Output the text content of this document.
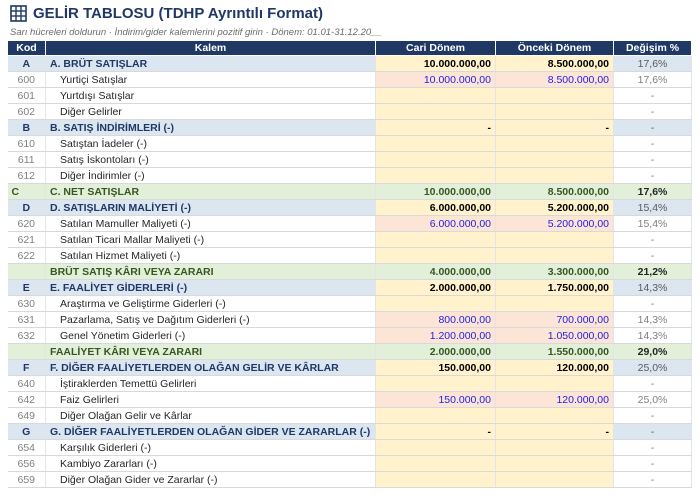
GELİR TABLOSU (TDHP Ayrıntılı Format)
Sarı hücreleri doldurun · İndirim/gider kalemlerini pozitif girin · Dönem: 01.01-31.12.20__
Kod	Kalem	Cari Dönem	Önceki Dönem	Değişim %
A	A. BRÜT SATIŞLAR	10.000.000,00	8.500.000,00	17,6%
600	Yurtiçi Satışlar	10.000.000,00	8.500.000,00	17,6%
601	Yurtdışı Satışlar			-
602	Diğer Gelirler			-
B	B. SATIŞ İNDİRİMLERİ (-)	-	-	-
610	Satıştan İadeler (-)			-
611	Satış İskontoları (-)			-
612	Diğer İndirimler (-)			-
C	C. NET SATIŞLAR	10.000.000,00	8.500.000,00	17,6%
D	D. SATIŞLARIN MALİYETİ (-)	6.000.000,00	5.200.000,00	15,4%
620	Satılan Mamuller Maliyeti (-)	6.000.000,00	5.200.000,00	15,4%
621	Satılan Ticari Mallar Maliyeti (-)			-
622	Satılan Hizmet Maliyeti (-)			-
	BRÜT SATIŞ KÂRI VEYA ZARARI	4.000.000,00	3.300.000,00	21,2%
E	E. FAALİYET GİDERLERİ (-)	2.000.000,00	1.750.000,00	14,3%
630	Araştırma ve Geliştirme Giderleri (-)			-
631	Pazarlama, Satış ve Dağıtım Giderleri (-)	800.000,00	700.000,00	14,3%
632	Genel Yönetim Giderleri (-)	1.200.000,00	1.050.000,00	14,3%
	FAALİYET KÂRI VEYA ZARARI	2.000.000,00	1.550.000,00	29,0%
F	F. DİĞER FAALİYETLERDEN OLAĞAN GELİR VE KÂRLAR	150.000,00	120.000,00	25,0%
640	İştiraklerden Temettü Gelirleri			-
642	Faiz Gelirleri	150.000,00	120.000,00	25,0%
649	Diğer Olağan Gelir ve Kârlar			-
G	G. DİĞER FAALİYETLERDEN OLAĞAN GİDER VE ZARARLAR (-)	-	-	-
654	Karşılık Giderleri (-)			-
656	Kambiyo Zararları (-)			-
659	Diğer Olağan Gider ve Zararlar (-)			-
